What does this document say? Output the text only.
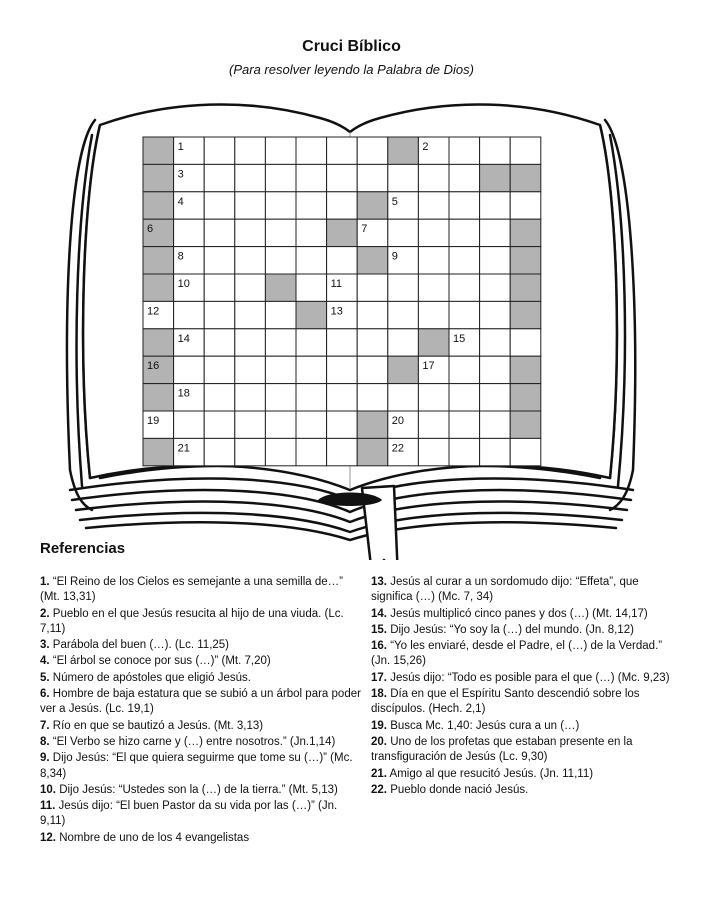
Cruci Bíblico
(Para resolver leyendo la Palabra de Dios)
1	2
3
4	5
6	7
8	9
10	11
12	13
14	15
16	17
18
19	20
21	22
Referencias
1. “El Reino de los Cielos es semejante a una semilla de…” (Mt. 13,31)
2. Pueblo en el que Jesús resucita al hijo de una viuda. (Lc. 7,11)
3. Parábola del buen (…). (Lc. 11,25)
4. “El árbol se conoce por sus (…)” (Mt. 7,20)
5. Número de apóstoles que eligió Jesús.
6. Hombre de baja estatura que se subió a un árbol para poder ver a Jesús. (Lc. 19,1)
7. Río en que se bautizó a Jesús. (Mt. 3,13)
8. “El Verbo se hizo carne y (…) entre nosotros.” (Jn.1,14)
9. Dijo Jesús: “El que quiera seguirme que tome su (…)” (Mc. 8,34)
10. Dijo Jesús: “Ustedes son la (…) de la tierra.” (Mt. 5,13)
11. Jesús dijo: “El buen Pastor da su vida por las (…)” (Jn. 9,11)
12. Nombre de uno de los 4 evangelistas
13. Jesús al curar a un sordomudo dijo: “Effeta”, que significa (…) (Mc. 7, 34)
14. Jesús multiplicó cinco panes y dos (…) (Mt. 14,17)
15. Dijo Jesús: “Yo soy la (…) del mundo. (Jn. 8,12)
16. “Yo les enviaré, desde el Padre, el (…) de la Verdad.” (Jn. 15,26)
17. Jesús dijo: “Todo es posible para el que (…) (Mc. 9,23)
18. Día en que el Espíritu Santo descendió sobre los discípulos. (Hech. 2,1)
19. Busca Mc. 1,40: Jesús cura a un (…)
20. Uno de los profetas que estaban presente en la transfiguración de Jesús (Lc. 9,30)
21. Amigo al que resucitó Jesús. (Jn. 11,11)
22. Pueblo donde nació Jesús.
